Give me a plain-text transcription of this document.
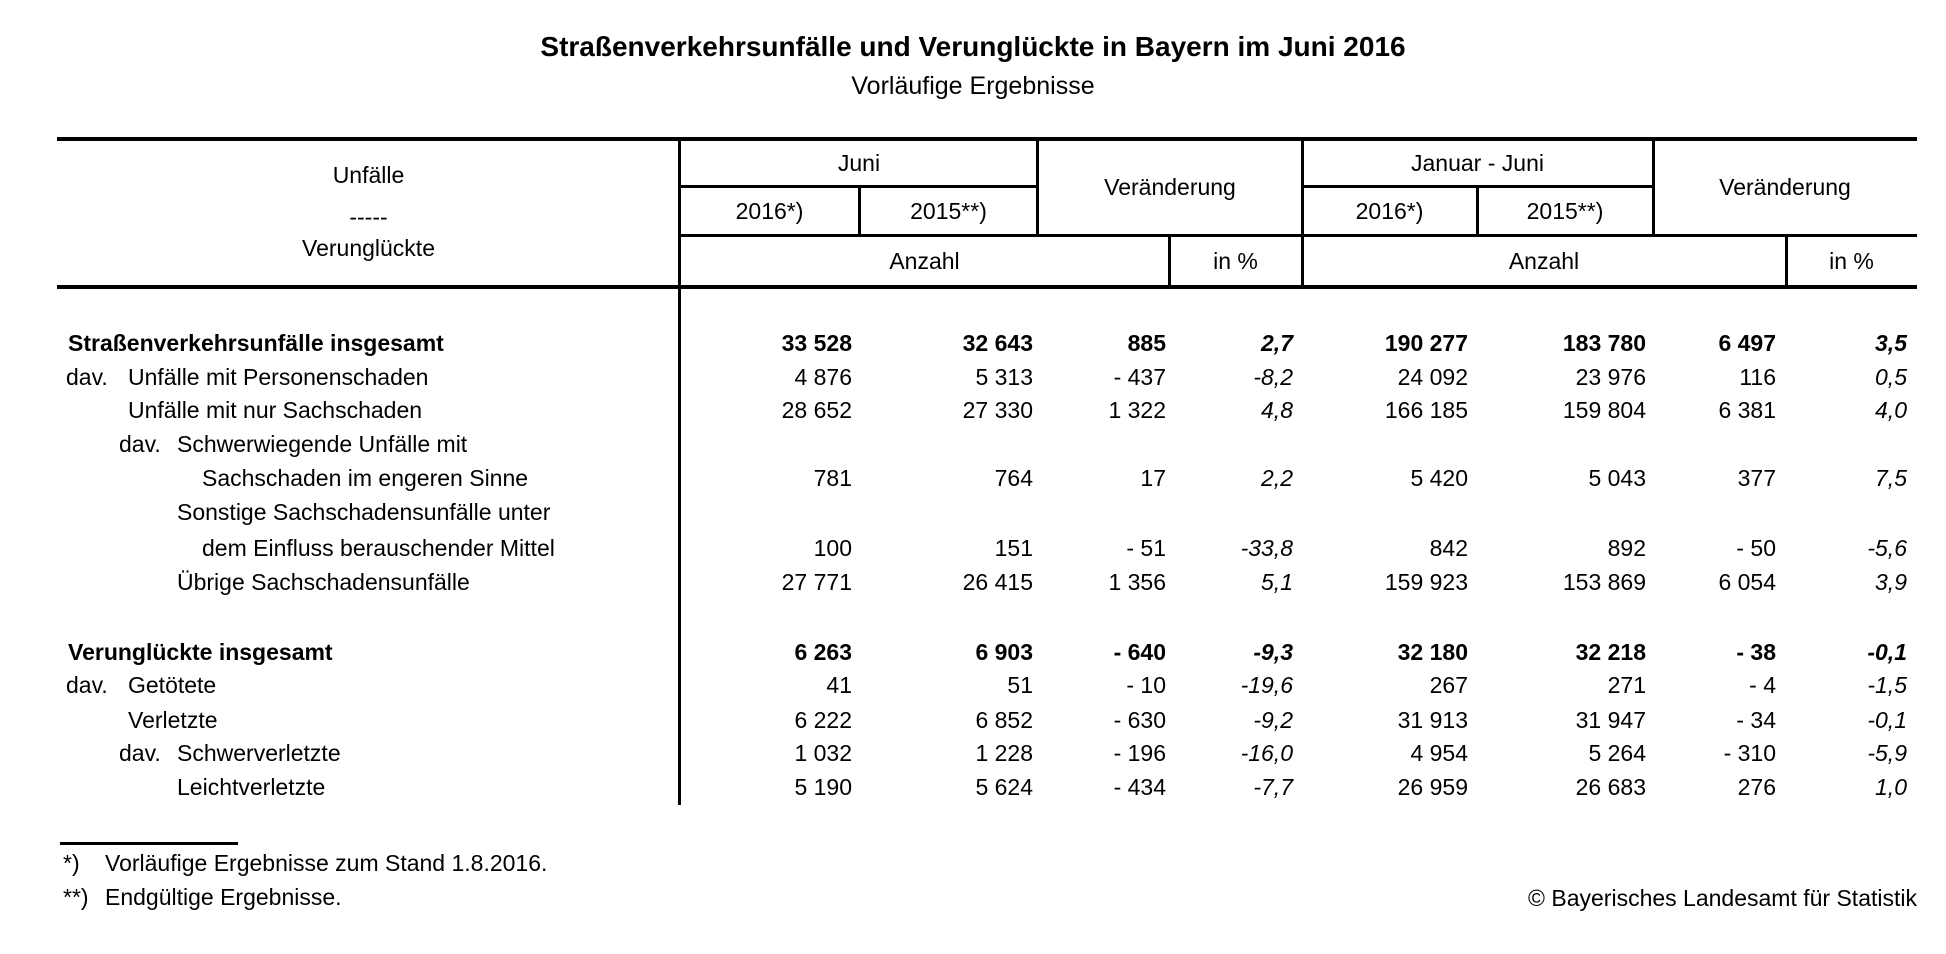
Straßenverkehrsunfälle und Verunglückte in Bayern im Juni 2016
Vorläufige Ergebnisse
Unfälle
-----
Verunglückte
Juni
Veränderung
Januar - Juni
Veränderung
2016*)	2015**)	2016*)	2015**)
Anzahl	in %	Anzahl	in %
Straßenverkehrsunfälle insgesamt	33 528	32 643	885	2,7	190 277	183 780	6 497	3,5
dav. Unfälle mit Personenschaden	4 876	5 313	- 437	-8,2	24 092	23 976	116	0,5
Unfälle mit nur Sachschaden	28 652	27 330	1 322	4,8	166 185	159 804	6 381	4,0
dav. Schwerwiegende Unfälle mit
Sachschaden im engeren Sinne	781	764	17	2,2	5 420	5 043	377	7,5
Sonstige Sachschadensunfälle unter
dem Einfluss berauschender Mittel	100	151	- 51	-33,8	842	892	- 50	-5,6
Übrige Sachschadensunfälle	27 771	26 415	1 356	5,1	159 923	153 869	6 054	3,9
Verunglückte insgesamt	6 263	6 903	- 640	-9,3	32 180	32 218	- 38	-0,1
dav. Getötete	41	51	- 10	-19,6	267	271	- 4	-1,5
Verletzte	6 222	6 852	- 630	-9,2	31 913	31 947	- 34	-0,1
dav. Schwerverletzte	1 032	1 228	- 196	-16,0	4 954	5 264	- 310	-5,9
Leichtverletzte	5 190	5 624	- 434	-7,7	26 959	26 683	276	1,0
*) Vorläufige Ergebnisse zum Stand 1.8.2016.
**) Endgültige Ergebnisse.	© Bayerisches Landesamt für Statistik
